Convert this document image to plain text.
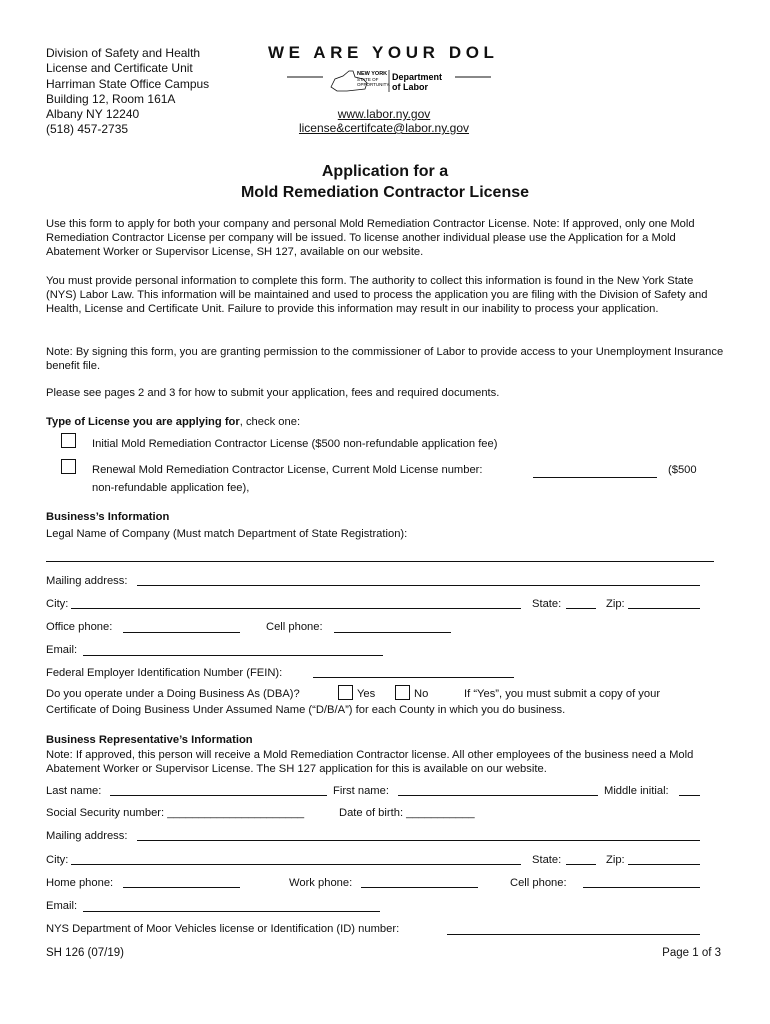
Division of Safety and Health
License and Certificate Unit
Harriman State Office Campus
Building 12, Room 161A
Albany NY 12240
(518) 457-2735
WE ARE YOUR DOL
NEW YORK
STATE OF
OPPORTUNITY.
Department
of Labor
www.labor.ny.gov
license&certifcate@labor.ny.gov
Application for a
Mold Remediation Contractor License
Use this form to apply for both your company and personal Mold Remediation Contractor License. Note: If approved, only one Mold Remediation Contractor License per company will be issued. To license another individual please use the Application for a Mold Abatement Worker or Supervisor License, SH 127, available on our website.
You must provide personal information to complete this form. The authority to collect this information is found in the New York State (NYS) Labor Law. This information will be maintained and used to process the application you are filing with the Division of Safety and Health, License and Certificate Unit. Failure to provide this information may result in our inability to process your application.
Note: By signing this form, you are granting permission to the commissioner of Labor to provide access to your Unemployment Insurance benefit file.
Please see pages 2 and 3 for how to submit your application, fees and required documents.
Type of License you are applying for, check one:
Initial Mold Remediation Contractor License ($500 non-refundable application fee)
Renewal Mold Remediation Contractor License, Current Mold License number:	($500
non-refundable application fee),
Business’s Information
Legal Name of Company (Must match Department of State Registration):
Mailing address:
City:	State:	Zip:
Office phone:	Cell phone:
Email:
Federal Employer Identification Number (FEIN):
Do you operate under a Doing Business As (DBA)?	Yes	No	If “Yes”, you must submit a copy of your
Certificate of Doing Business Under Assumed Name (“D/B/A”) for each County in which you do business.
Business Representative’s Information
Note: If approved, this person will receive a Mold Remediation Contractor license. All other employees of the business need a Mold Abatement Worker or Supervisor License. The SH 127 application for this is available on our website.
Last name:	First name:	Middle initial:
Social Security number: ______________________	Date of birth: ___________
Mailing address:
City:	State:	Zip:
Home phone:	Work phone:	Cell phone:
Email:
NYS Department of Moor Vehicles license or Identification (ID) number:
SH 126 (07/19)	Page 1 of 3
